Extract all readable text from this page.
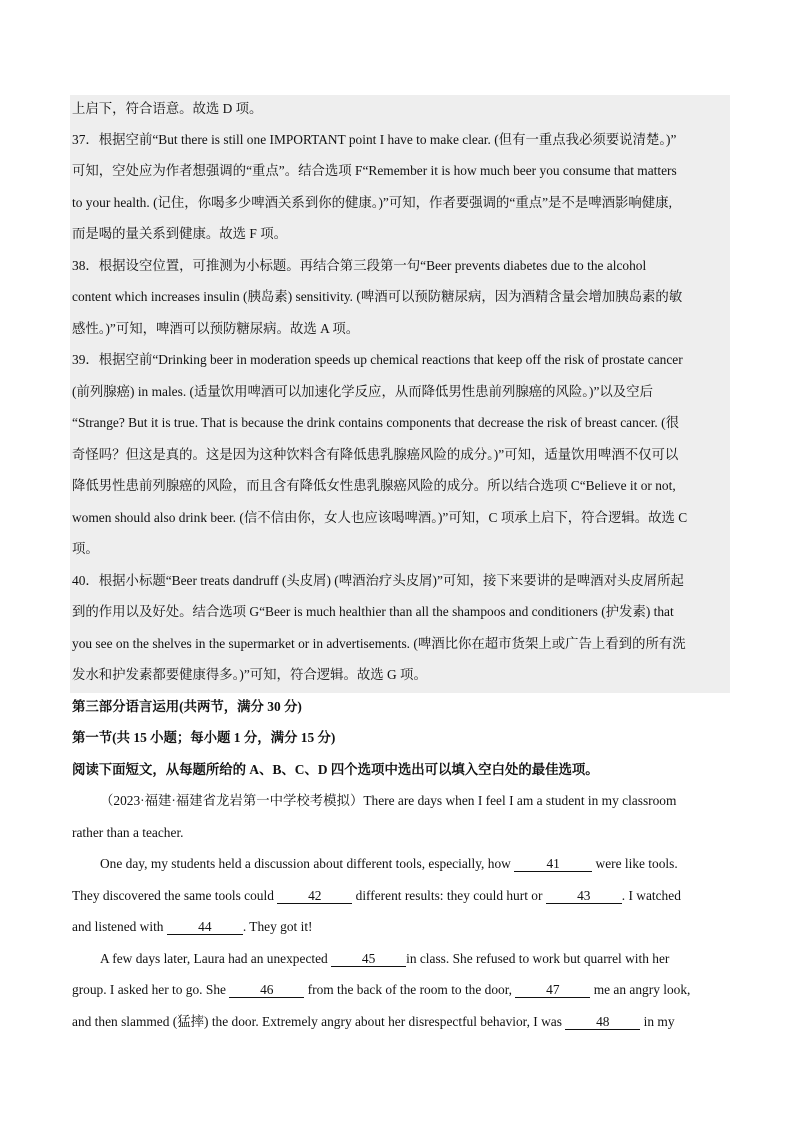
上启下，符合语意。故选 D 项。
37．根据空前“But there is still one IMPORTANT point I have to make clear. (但有一重点我必须要说清楚。)”
可知，空处应为作者想强调的“重点”。结合选项 F“Remember it is how much beer you consume that matters
to your health. (记住，你喝多少啤酒关系到你的健康。)”可知，作者要强调的“重点”是不是啤酒影响健康,
而是喝的量关系到健康。故选 F 项。
38．根据设空位置，可推测为小标题。再结合第三段第一句“Beer prevents diabetes due to the alcohol
content which increases insulin (胰岛素) sensitivity. (啤酒可以预防糖尿病，因为酒精含量会增加胰岛素的敏
感性。)”可知，啤酒可以预防糖尿病。故选 A 项。
39．根据空前“Drinking beer in moderation speeds up chemical reactions that keep off the risk of prostate cancer
(前列腺癌) in males. (适量饮用啤酒可以加速化学反应，从而降低男性患前列腺癌的风险。)”以及空后
“Strange? But it is true. That is because the drink contains components that decrease the risk of breast cancer. (很
奇怪吗？但这是真的。这是因为这种饮料含有降低患乳腺癌风险的成分。)”可知，适量饮用啤酒不仅可以
降低男性患前列腺癌的风险，而且含有降低女性患乳腺癌风险的成分。所以结合选项 C“Believe it or not,
women should also drink beer. (信不信由你，女人也应该喝啤酒。)”可知，C 项承上启下，符合逻辑。故选 C
项。
40．根据小标题“Beer treats dandruff (头皮屑) (啤酒治疗头皮屑)”可知，接下来要讲的是啤酒对头皮屑所起
到的作用以及好处。结合选项 G“Beer is much healthier than all the shampoos and conditioners (护发素) that
you see on the shelves in the supermarket or in advertisements. (啤酒比你在超市货架上或广告上看到的所有洗
发水和护发素都要健康得多。)”可知，符合逻辑。故选 G 项。
第三部分语言运用(共两节，满分 30 分)
第一节(共 15 小题；每小题 1 分，满分 15 分)
阅读下面短文，从每题所给的 A、B、C、D 四个选项中选出可以填入空白处的最佳选项。
（2023·福建·福建省龙岩第一中学校考模拟）There are days when I feel I am a student in my classroom
rather than a teacher.
One day, my students held a discussion about different tools, especially, how 41 were like tools.
They discovered the same tools could 42 different results: they could hurt or 43 . I watched
and listened with 44 . They got it!
A few days later, Laura had an unexpected 45 in class. She refused to work but quarrel with her
group. I asked her to go. She 46 from the back of the room to the door, 47 me an angry look,
and then slammed (猛摔) the door. Extremely angry about her disrespectful behavior, I was 48 in my
